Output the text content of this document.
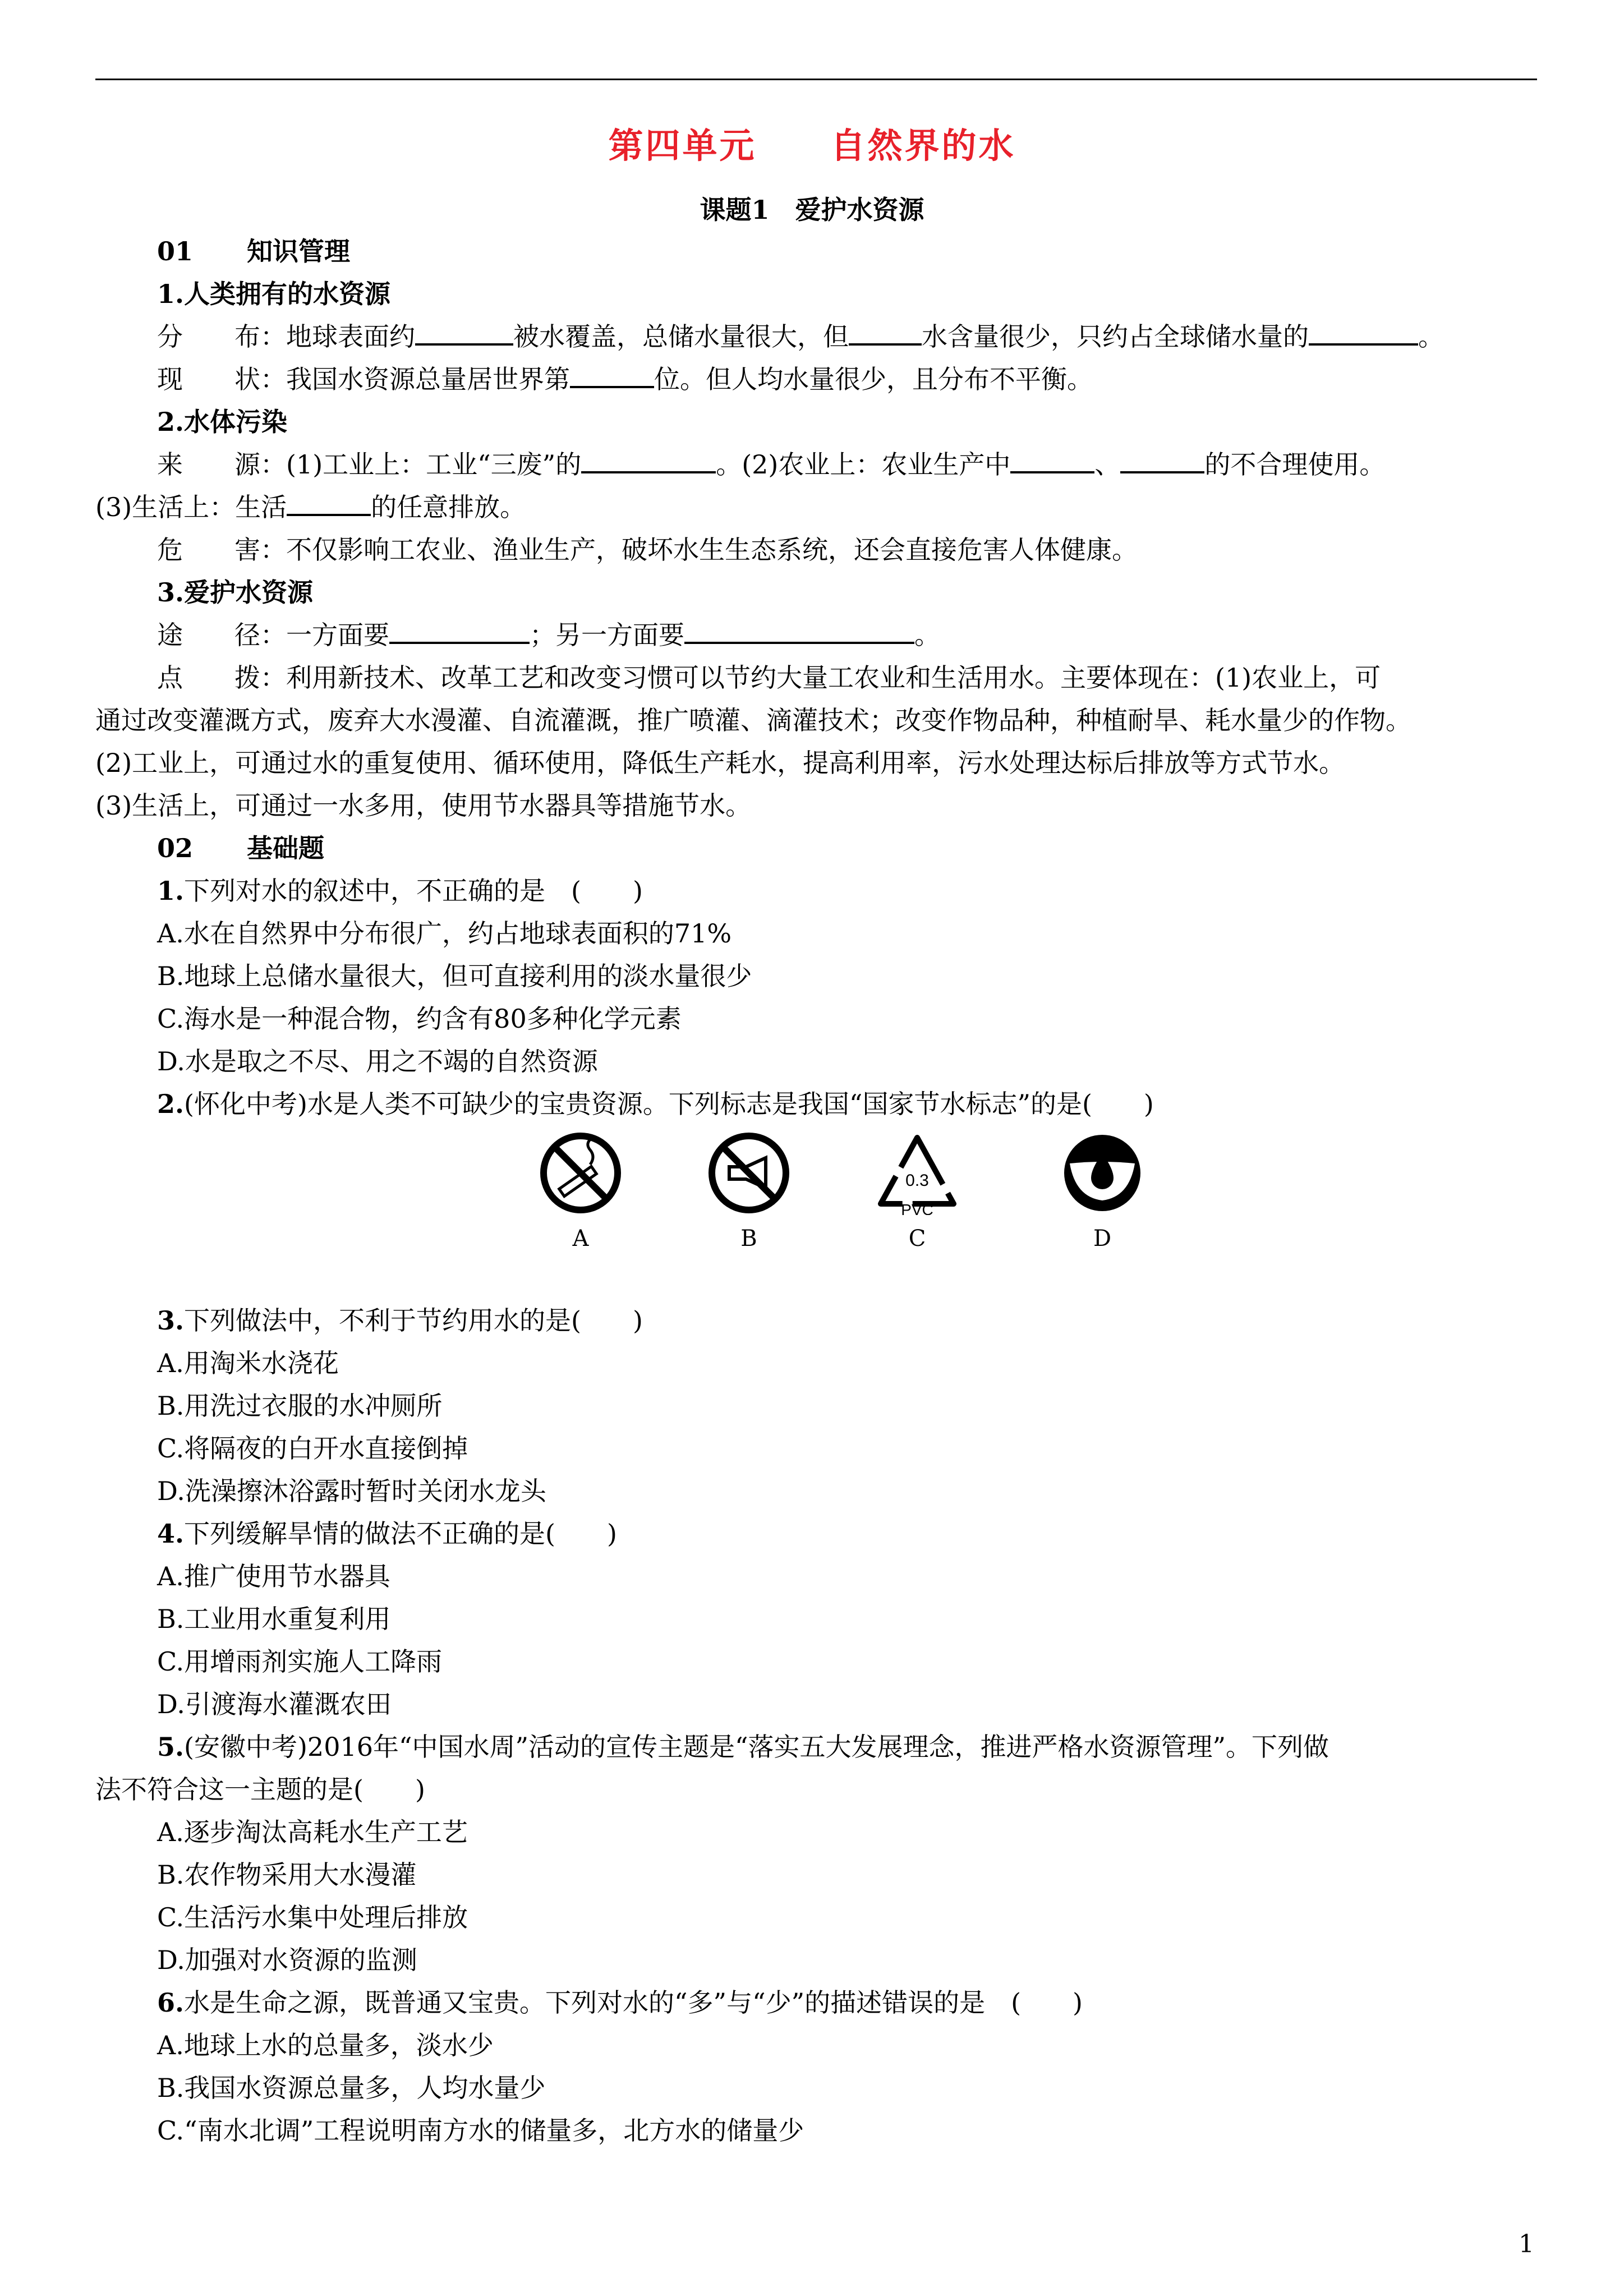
第四单元　　自然界的水
课题1　爱护水资源
01 知识管理
1.人类拥有的水资源
分　　布：地球表面约	被水覆盖，总储水量很大，但	水含量很少，只约占全球储水量的	。
现　　状：我国水资源总量居世界第	位。但人均水量很少，且分布不平衡。
2.水体污染
来　　源：(1)工业上：工业“三废”的	。(2)农业上：农业生产中	、	的不合理使用。
(3)生活上：生活	的任意排放。
危　　害：不仅影响工农业、渔业生产，破坏水生生态系统，还会直接危害人体健康。
3.爱护水资源
途　　径：一方面要	；另一方面要	。
点　　拨：利用新技术、改革工艺和改变习惯可以节约大量工农业和生活用水。主要体现在：(1)农业上，可
通过改变灌溉方式，废弃大水漫灌、自流灌溉，推广喷灌、滴灌技术；改变作物品种，种植耐旱、耗水量少的作物。
(2)工业上，可通过水的重复使用、循环使用，降低生产耗水，提高利用率，污水处理达标后排放等方式节水。
(3)生活上，可通过一水多用，使用节水器具等措施节水。
02 基础题
1.下列对水的叙述中，不正确的是　(　　)
A.水在自然界中分布很广，约占地球表面积的71%
B.地球上总储水量很大，但可直接利用的淡水量很少
C.海水是一种混合物，约含有80多种化学元素
D.水是取之不尽、用之不竭的自然资源
2.(怀化中考)水是人类不可缺少的宝贵资源。下列标志是我国“国家节水标志”的是(　　)
A	B
0.3
PVC
C	D
3.下列做法中，不利于节约用水的是(　　)
A.用淘米水浇花
B.用洗过衣服的水冲厕所
C.将隔夜的白开水直接倒掉
D.洗澡擦沐浴露时暂时关闭水龙头
4.下列缓解旱情的做法不正确的是(　　)
A.推广使用节水器具
B.工业用水重复利用
C.用增雨剂实施人工降雨
D.引渡海水灌溉农田
5.(安徽中考)2016年“中国水周”活动的宣传主题是“落实五大发展理念，推进严格水资源管理”。下列做
法不符合这一主题的是(　　)
A.逐步淘汰高耗水生产工艺
B.农作物采用大水漫灌
C.生活污水集中处理后排放
D.加强对水资源的监测
6.水是生命之源，既普通又宝贵。下列对水的“多”与“少”的描述错误的是　(　　)
A.地球上水的总量多，淡水少
B.我国水资源总量多，人均水量少
C.“南水北调”工程说明南方水的储量多，北方水的储量少
1
